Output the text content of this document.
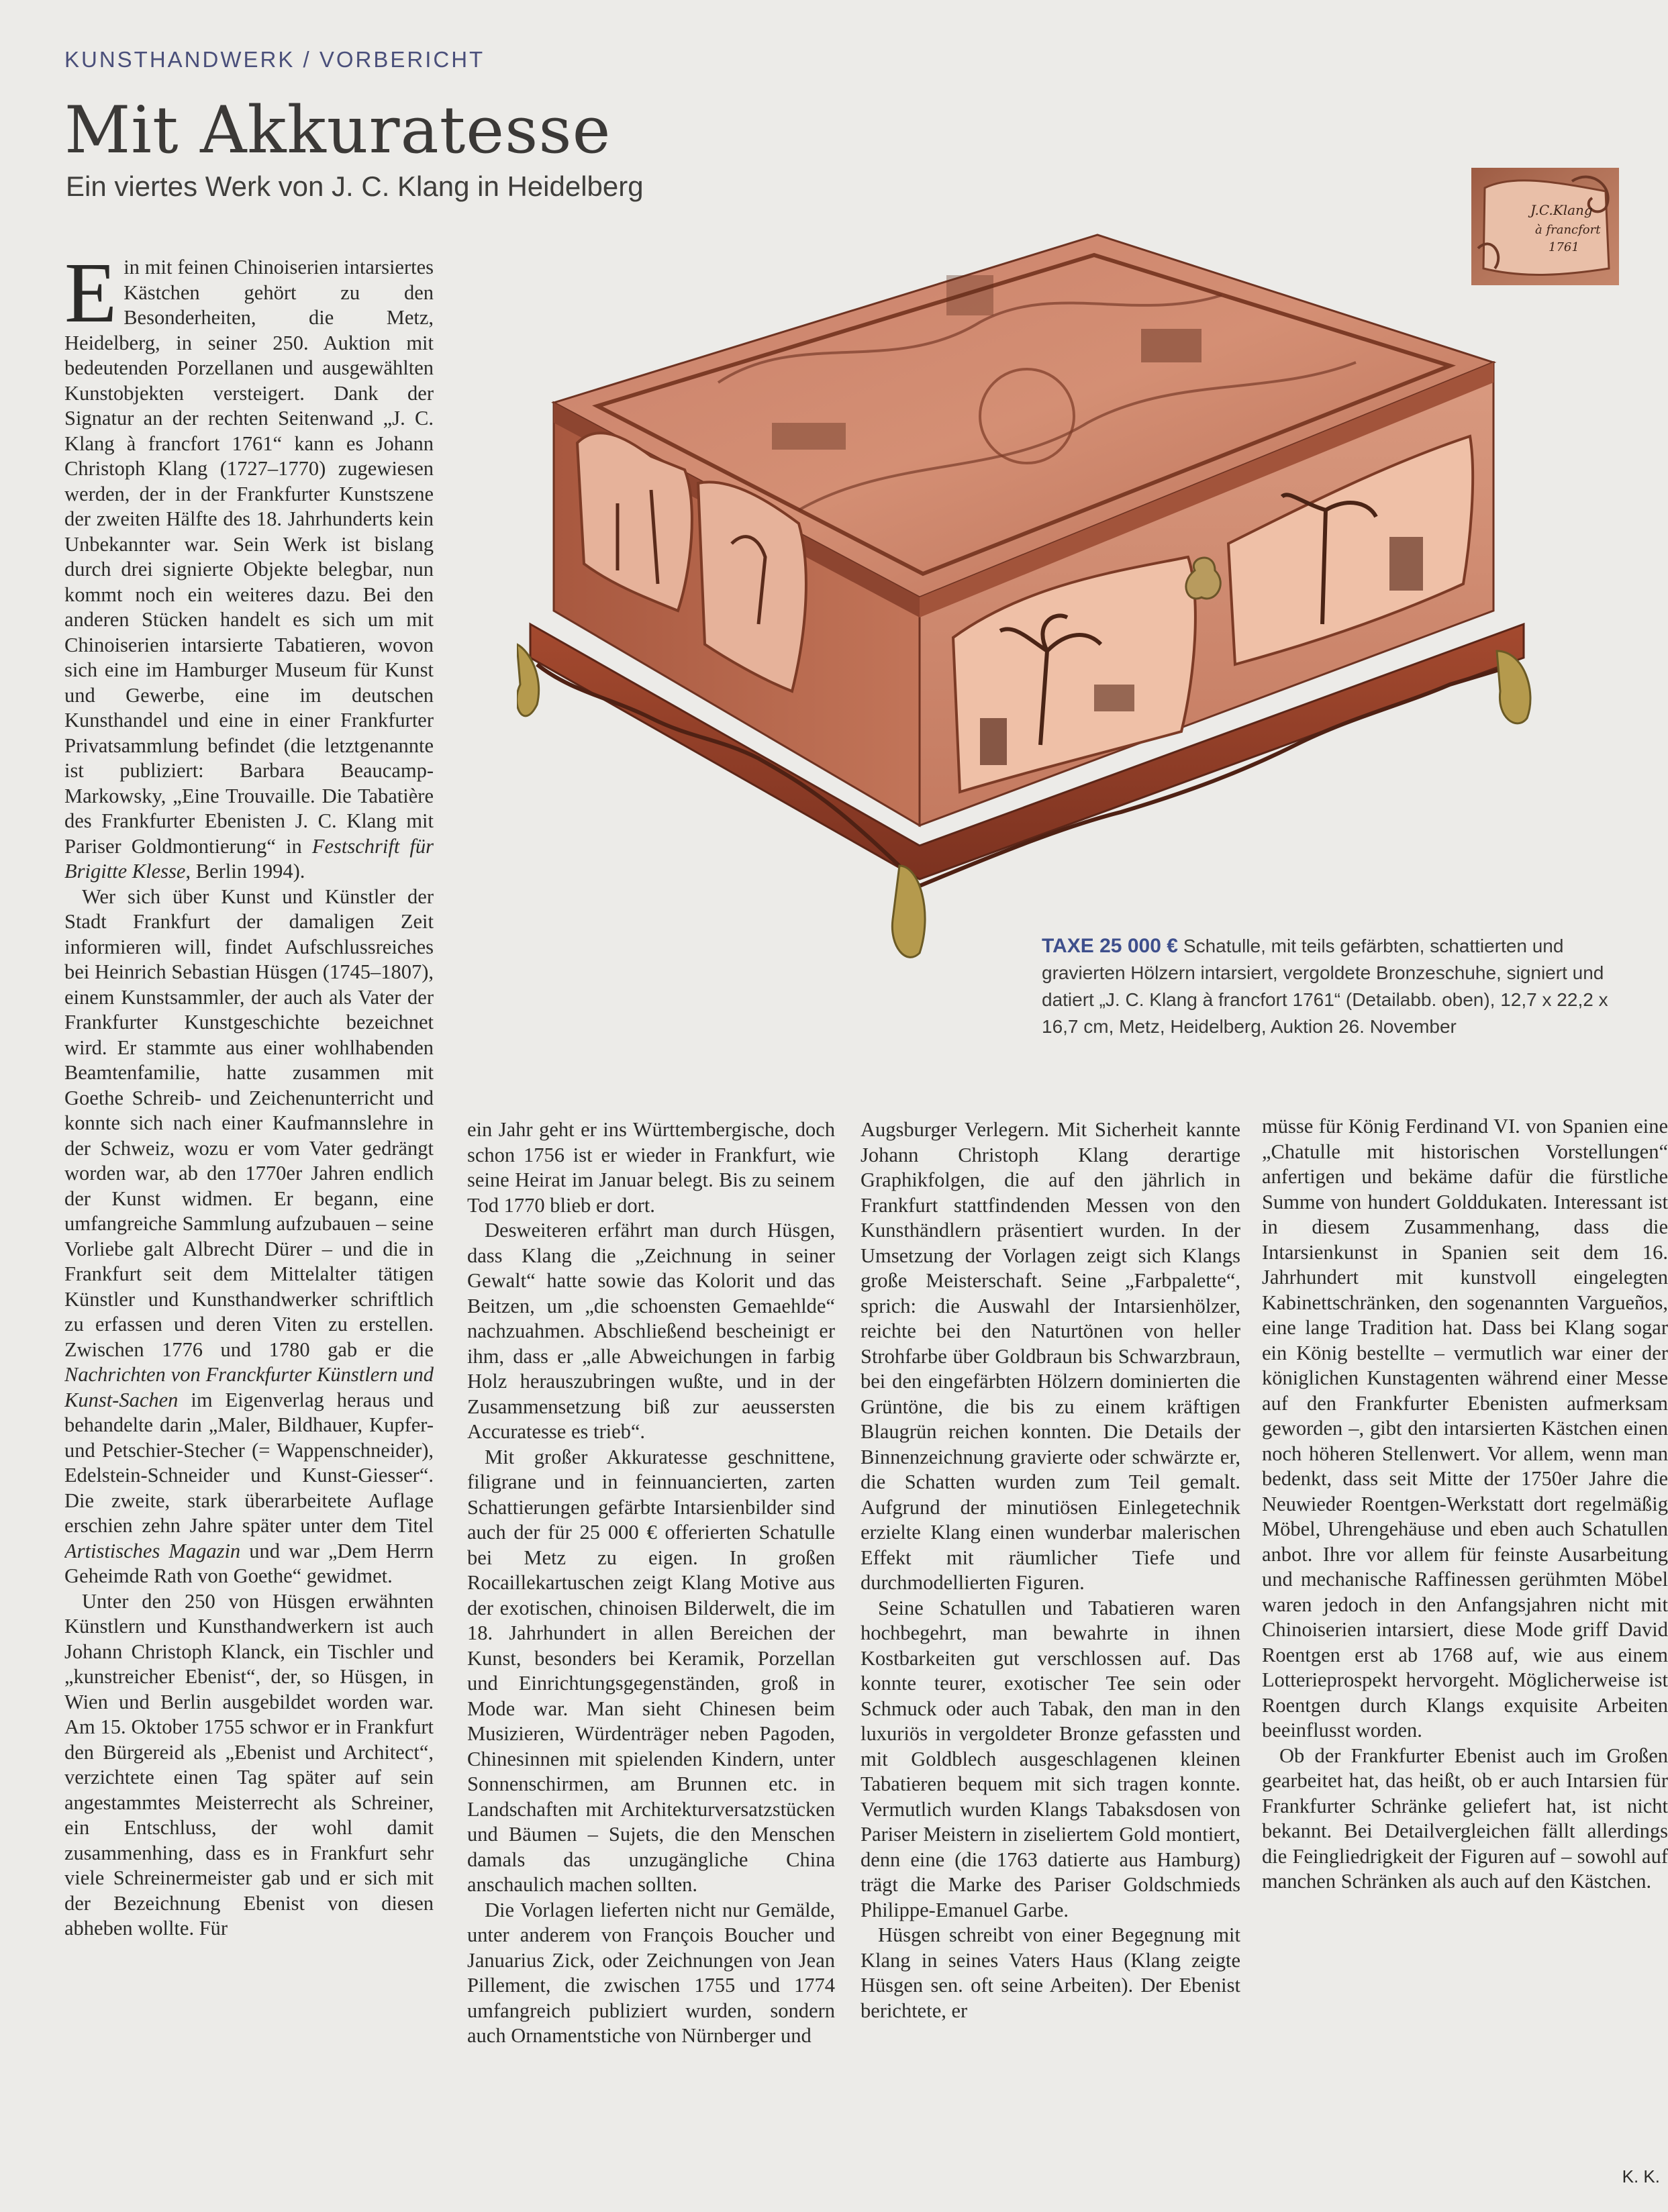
KUNSTHANDWERK / VORBERICHT
Mit Akkuratesse
Ein viertes Werk von J. C. Klang in Heidelberg
J.C.Klang
à francfort
1761
TAXE 25 000 € Schatulle, mit teils gefärbten, schattierten und gravierten Hölzern intarsiert, vergoldete Bronzeschuhe, signiert und datiert „J. C. Klang à francfort 1761“ (Detailabb. oben), 12,7 x 22,2 x 16,7 cm, Metz, Heidelberg, Auktion 26. November

Ein mit feinen Chinoiserien intarsiertes Kästchen gehört zu den Besonderheiten, die Metz, Heidelberg, in seiner 250. Auktion mit bedeutenden Porzellanen und ausgewählten Kunstobjekten versteigert. Dank der Signatur an der rechten Seitenwand „J. C. Klang à francfort 1761“ kann es Johann Christoph Klang (1727–1770) zugewiesen werden, der in der Frankfurter Kunstszene der zweiten Hälfte des 18. Jahrhunderts kein Unbekannter war. Sein Werk ist bislang durch drei signierte Objekte belegbar, nun kommt noch ein weiteres dazu. Bei den anderen Stücken handelt es sich um mit Chinoiserien intarsierte Tabatieren, wovon sich eine im Hamburger Museum für Kunst und Gewerbe, eine im deutschen Kunsthandel und eine in einer Frankfurter Privatsammlung befindet (die letztgenannte ist publiziert: Barbara Beaucamp-Markowsky, „Eine Trouvaille. Die Tabatière des Frankfurter Ebenisten J. C. Klang mit Pariser Goldmontierung“ in Festschrift für Brigitte Klesse, Berlin 1994).

Wer sich über Kunst und Künstler der Stadt Frankfurt der damaligen Zeit informieren will, findet Aufschlussreiches bei Heinrich Sebastian Hüsgen (1745–1807), einem Kunstsammler, der auch als Vater der Frankfurter Kunstgeschichte bezeichnet wird. Er stammte aus einer wohlhabenden Beamtenfamilie, hatte zusammen mit Goethe Schreib- und Zeichenunterricht und konnte sich nach einer Kaufmannslehre in der Schweiz, wozu er vom Vater gedrängt worden war, ab den 1770er Jahren endlich der Kunst widmen. Er begann, eine umfangreiche Sammlung aufzubauen – seine Vorliebe galt Albrecht Dürer – und die in Frankfurt seit dem Mittelalter tätigen Künstler und Kunsthandwerker schriftlich zu erfassen und deren Viten zu erstellen. Zwischen 1776 und 1780 gab er die Nachrichten von Franckfurter Künstlern und Kunst-Sachen im Eigenverlag heraus und behandelte darin „Maler, Bildhauer, Kupfer- und Petschier-Stecher (= Wappenschneider), Edelstein-Schneider und Kunst-Giesser“. Die zweite, stark überarbeitete Auflage erschien zehn Jahre später unter dem Titel Artistisches Magazin und war „Dem Herrn Geheimde Rath von Goethe“ gewidmet.

Unter den 250 von Hüsgen erwähnten Künstlern und Kunsthandwerkern ist auch Johann Christoph Klanck, ein Tischler und „kunstreicher Ebenist“, der, so Hüsgen, in Wien und Berlin ausgebildet worden war. Am 15. Oktober 1755 schwor er in Frankfurt den Bürgereid als „Ebenist und Architect“, verzichtete einen Tag später auf sein angestammtes Meisterrecht als Schreiner, ein Entschluss, der wohl damit zusammenhing, dass es in Frankfurt sehr viele Schreinermeister gab und er sich mit der Bezeichnung Ebenist von diesen abheben wollte. Für

ein Jahr geht er ins Württembergische, doch schon 1756 ist er wieder in Frankfurt, wie seine Heirat im Januar belegt. Bis zu seinem Tod 1770 blieb er dort.

Desweiteren erfährt man durch Hüsgen, dass Klang die „Zeichnung in seiner Gewalt“ hatte sowie das Kolorit und das Beitzen, um „die schoensten Gemaehlde“ nachzuahmen. Abschließend bescheinigt er ihm, dass er „alle Abweichungen in farbig Holz herauszubringen wußte, und in der Zusammensetzung biß zur aeussersten Accuratesse es trieb“.

Mit großer Akkuratesse geschnittene, filigrane und in feinnuancierten, zarten Schattierungen gefärbte Intarsienbilder sind auch der für 25 000 € offerierten Schatulle bei Metz zu eigen. In großen Rocaillekartuschen zeigt Klang Motive aus der exotischen, chinoisen Bilderwelt, die im 18. Jahrhundert in allen Bereichen der Kunst, besonders bei Keramik, Porzellan und Einrichtungsgegenständen, groß in Mode war. Man sieht Chinesen beim Musizieren, Würdenträger neben Pagoden, Chinesinnen mit spielenden Kindern, unter Sonnenschirmen, am Brunnen etc. in Landschaften mit Architekturversatzstücken und Bäumen – Sujets, die den Menschen damals das unzugängliche China anschaulich machen sollten.

Die Vorlagen lieferten nicht nur Gemälde, unter anderem von François Boucher und Januarius Zick, oder Zeichnungen von Jean Pillement, die zwischen 1755 und 1774 umfangreich publiziert wurden, sondern auch Ornamentstiche von Nürnberger und

Augsburger Verlegern. Mit Sicherheit kannte Johann Christoph Klang derartige Graphikfolgen, die auf den jährlich in Frankfurt stattfindenden Messen von den Kunsthändlern präsentiert wurden. In der Umsetzung der Vorlagen zeigt sich Klangs große Meisterschaft. Seine „Farbpalette“, sprich: die Auswahl der Intarsienhölzer, reichte bei den Naturtönen von heller Strohfarbe über Goldbraun bis Schwarzbraun, bei den eingefärbten Hölzern dominierten die Grüntöne, die bis zu einem kräftigen Blaugrün reichen konnten. Die Details der Binnenzeichnung gravierte oder schwärzte er, die Schatten wurden zum Teil gemalt. Aufgrund der minutiösen Einlegetechnik erzielte Klang einen wunderbar malerischen Effekt mit räumlicher Tiefe und durchmodellierten Figuren.

Seine Schatullen und Tabatieren waren hochbegehrt, man bewahrte in ihnen Kostbarkeiten gut verschlossen auf. Das konnte teurer, exotischer Tee sein oder Schmuck oder auch Tabak, den man in den luxuriös in vergoldeter Bronze gefassten und mit Goldblech ausgeschlagenen kleinen Tabatieren bequem mit sich tragen konnte. Vermutlich wurden Klangs Tabaksdosen von Pariser Meistern in ziseliertem Gold montiert, denn eine (die 1763 datierte aus Hamburg) trägt die Marke des Pariser Goldschmieds Philippe-Emanuel Garbe.

Hüsgen schreibt von einer Begegnung mit Klang in seines Vaters Haus (Klang zeigte Hüsgen sen. oft seine Arbeiten). Der Ebenist berichtete, er

müsse für König Ferdinand VI. von Spanien eine „Chatulle mit historischen Vorstellungen“ anfertigen und bekäme dafür die fürstliche Summe von hundert Golddukaten. Interessant ist in diesem Zusammenhang, dass die Intarsienkunst in Spanien seit dem 16. Jahrhundert mit kunstvoll eingelegten Kabinettschränken, den sogenannten Vargueños, eine lange Tradition hat. Dass bei Klang sogar ein König bestellte – vermutlich war einer der königlichen Kunstagenten während einer Messe auf den Frankfurter Ebenisten aufmerksam geworden –, gibt den intarsierten Kästchen einen noch höheren Stellenwert. Vor allem, wenn man bedenkt, dass seit Mitte der 1750er Jahre die Neuwieder Roentgen-Werkstatt dort regelmäßig Möbel, Uhrengehäuse und eben auch Schatullen anbot. Ihre vor allem für feinste Ausarbeitung und mechanische Raffinessen gerühmten Möbel waren jedoch in den Anfangsjahren nicht mit Chinoiserien intarsiert, diese Mode griff David Roentgen erst ab 1768 auf, wie aus einem Lotterieprospekt hervorgeht. Möglicherweise ist Roentgen durch Klangs exquisite Arbeiten beeinflusst worden.

Ob der Frankfurter Ebenist auch im Großen gearbeitet hat, das heißt, ob er auch Intarsien für Frankfurter Schränke geliefert hat, ist nicht bekannt. Bei Detailvergleichen fällt allerdings die Feingliedrigkeit der Figuren auf – sowohl auf manchen Schränken als auch auf den Kästchen.

K. K.
